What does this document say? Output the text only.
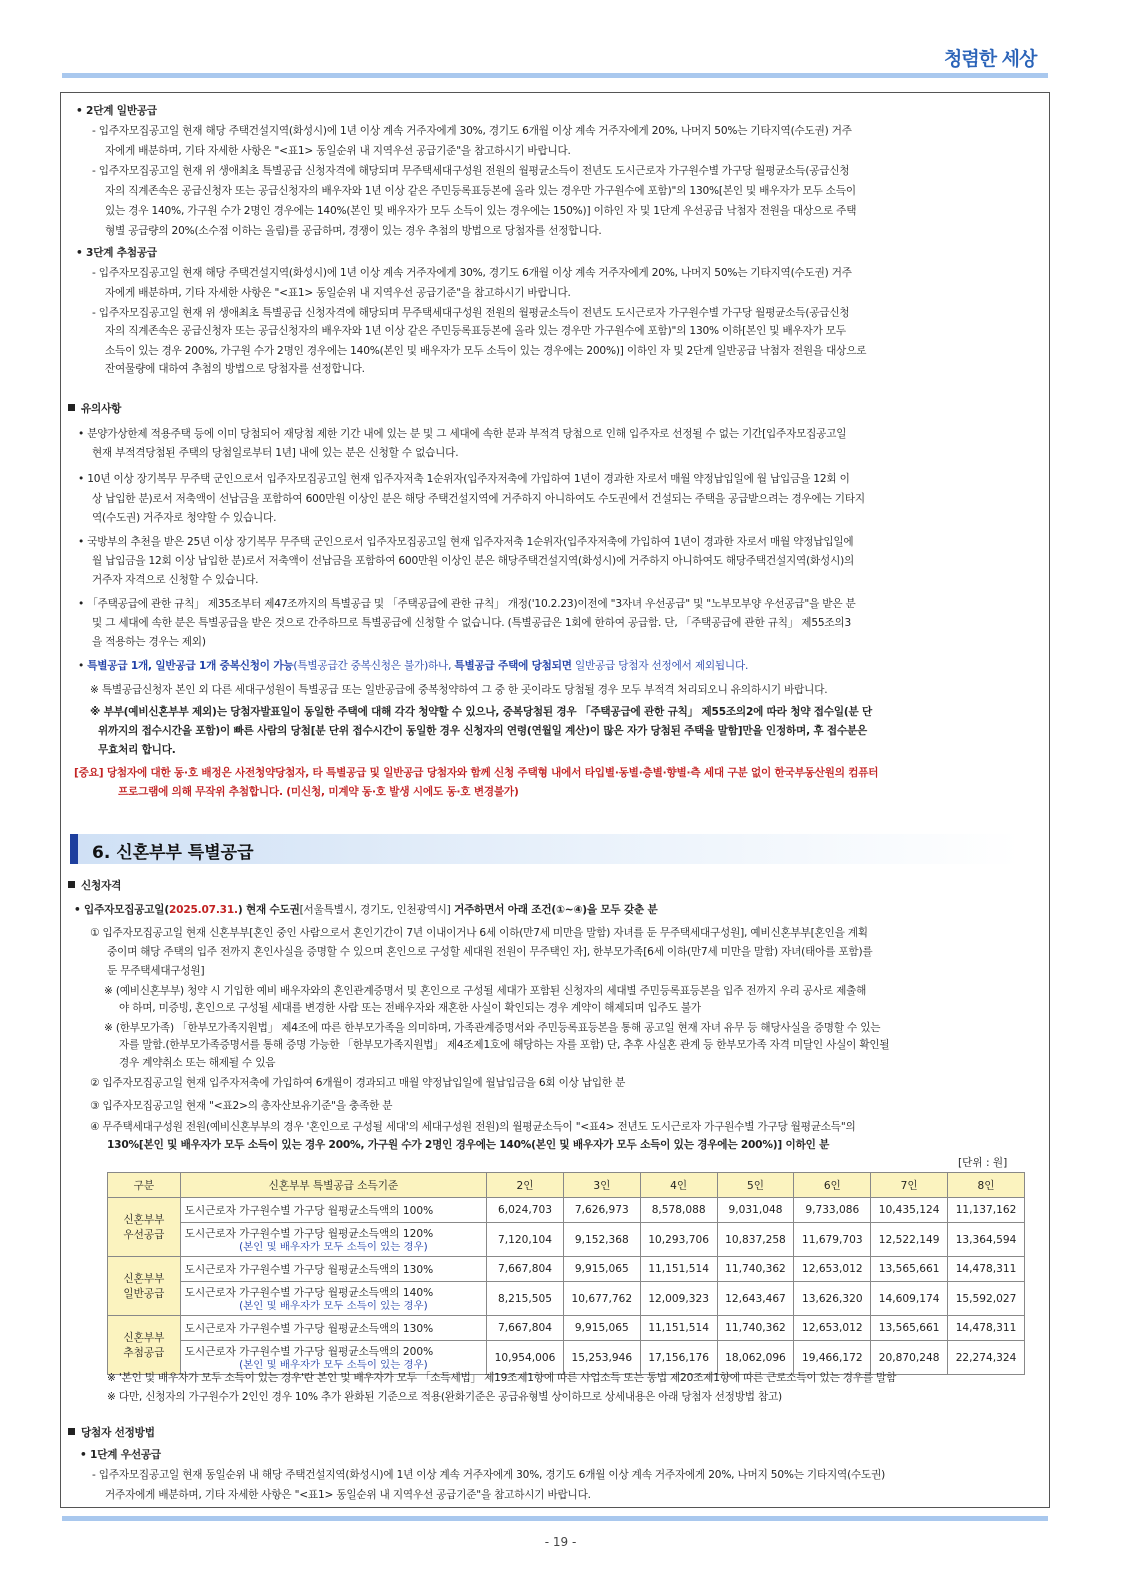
청렴한 세상
• 2단계 일반공급
- 입주자모집공고일 현재 해당 주택건설지역(화성시)에 1년 이상 계속 거주자에게 30%, 경기도 6개월 이상 계속 거주자에게 20%, 나머지 50%는 기타지역(수도권) 거주
자에게 배분하며, 기타 자세한 사항은 "<표1> 동일순위 내 지역우선 공급기준"을 참고하시기 바랍니다.
- 입주자모집공고일 현재 위 생애최초 특별공급 신청자격에 해당되며 무주택세대구성원 전원의 월평균소득이 전년도 도시근로자 가구원수별 가구당 월평균소득(공급신청
자의 직계존속은 공급신청자 또는 공급신청자의 배우자와 1년 이상 같은 주민등록표등본에 올라 있는 경우만 가구원수에 포함)"의 130%[본인 및 배우자가 모두 소득이
있는 경우 140%, 가구원 수가 2명인 경우에는 140%(본인 및 배우자가 모두 소득이 있는 경우에는 150%)] 이하인 자 및 1단계 우선공급 낙첨자 전원을 대상으로 주택
형별 공급량의 20%(소수점 이하는 올림)를 공급하며, 경쟁이 있는 경우 추첨의 방법으로 당첨자를 선정합니다.
• 3단계 추첨공급
- 입주자모집공고일 현재 해당 주택건설지역(화성시)에 1년 이상 계속 거주자에게 30%, 경기도 6개월 이상 계속 거주자에게 20%, 나머지 50%는 기타지역(수도권) 거주
자에게 배분하며, 기타 자세한 사항은 "<표1> 동일순위 내 지역우선 공급기준"을 참고하시기 바랍니다.
- 입주자모집공고일 현재 위 생애최초 특별공급 신청자격에 해당되며 무주택세대구성원 전원의 월평균소득이 전년도 도시근로자 가구원수별 가구당 월평균소득(공급신청
자의 직계존속은 공급신청자 또는 공급신청자의 배우자와 1년 이상 같은 주민등록표등본에 올라 있는 경우만 가구원수에 포함)"의 130% 이하[본인 및 배우자가 모두
소득이 있는 경우 200%, 가구원 수가 2명인 경우에는 140%(본인 및 배우자가 모두 소득이 있는 경우에는 200%)] 이하인 자 및 2단계 일반공급 낙첨자 전원을 대상으로
잔여물량에 대하여 추첨의 방법으로 당첨자를 선정합니다.
유의사항
• 분양가상한제 적용주택 등에 이미 당첨되어 재당첨 제한 기간 내에 있는 분 및 그 세대에 속한 분과 부적격 당첨으로 인해 입주자로 선정될 수 없는 기간[입주자모집공고일
현재 부적격당첨된 주택의 당첨일로부터 1년] 내에 있는 분은 신청할 수 없습니다.
• 10년 이상 장기복무 무주택 군인으로서 입주자모집공고일 현재 입주자저축 1순위자(입주자저축에 가입하여 1년이 경과한 자로서 매월 약정납입일에 월 납입금을 12회 이
상 납입한 분)로서 저축액이 선납금을 포함하여 600만원 이상인 분은 해당 주택건설지역에 거주하지 아니하여도 수도권에서 건설되는 주택을 공급받으려는 경우에는 기타지
역(수도권) 거주자로 청약할 수 있습니다.
• 국방부의 추천을 받은 25년 이상 장기복무 무주택 군인으로서 입주자모집공고일 현재 입주자저축 1순위자(입주자저축에 가입하여 1년이 경과한 자로서 매월 약정납입일에
월 납입금을 12회 이상 납입한 분)로서 저축액이 선납금을 포함하여 600만원 이상인 분은 해당주택건설지역(화성시)에 거주하지 아니하여도 해당주택건설지역(화성시)의
거주자 자격으로 신청할 수 있습니다.
• 「주택공급에 관한 규칙」 제35조부터 제47조까지의 특별공급 및 「주택공급에 관한 규칙」 개정('10.2.23)이전에 "3자녀 우선공급" 및 "노부모부양 우선공급"을 받은 분
및 그 세대에 속한 분은 특별공급을 받은 것으로 간주하므로 특별공급에 신청할 수 없습니다. (특별공급은 1회에 한하여 공급함. 단, 「주택공급에 관한 규칙」 제55조의3
을 적용하는 경우는 제외)
• 특별공급 1개, 일반공급 1개 중복신청이 가능(특별공급간 중복신청은 불가)하나, 특별공급 주택에 당첨되면 일반공급 당첨자 선정에서 제외됩니다.
※ 특별공급신청자 본인 외 다른 세대구성원이 특별공급 또는 일반공급에 중복청약하여 그 중 한 곳이라도 당첨될 경우 모두 부적격 처리되오니 유의하시기 바랍니다.
※ 부부(예비신혼부부 제외)는 당첨자발표일이 동일한 주택에 대해 각각 청약할 수 있으나, 중복당첨된 경우 「주택공급에 관한 규칙」 제55조의2에 따라 청약 접수일(분 단
위까지의 접수시간을 포함)이 빠른 사람의 당첨[분 단위 접수시간이 동일한 경우 신청자의 연령(연월일 계산)이 많은 자가 당첨된 주택을 말함]만을 인정하며, 후 접수분은
무효처리 합니다.
[중요] 당첨자에 대한 동·호 배정은 사전청약당첨자, 타 특별공급 및 일반공급 당첨자와 함께 신청 주택형 내에서 타입별·동별·층별·향별·측 세대 구분 없이 한국부동산원의 컴퓨터
프로그램에 의해 무작위 추첨합니다. (미신청, 미계약 동·호 발생 시에도 동·호 변경불가)
6. 신혼부부 특별공급
신청자격
• 입주자모집공고일(2025.07.31.) 현재 수도권[서울특별시, 경기도, 인천광역시] 거주하면서 아래 조건(①~④)을 모두 갖춘 분
① 입주자모집공고일 현재 신혼부부[혼인 중인 사람으로서 혼인기간이 7년 이내이거나 6세 이하(만7세 미만을 말함) 자녀를 둔 무주택세대구성원], 예비신혼부부[혼인을 계획
중이며 해당 주택의 입주 전까지 혼인사실을 증명할 수 있으며 혼인으로 구성할 세대원 전원이 무주택인 자], 한부모가족[6세 이하(만7세 미만을 말함) 자녀(태아를 포함)를
둔 무주택세대구성원]
※ (예비신혼부부) 청약 시 기입한 예비 배우자와의 혼인관계증명서 및 혼인으로 구성될 세대가 포함된 신청자의 세대별 주민등록표등본을 입주 전까지 우리 공사로 제출해
야 하며, 미증빙, 혼인으로 구성될 세대를 변경한 사람 또는 전배우자와 재혼한 사실이 확인되는 경우 계약이 해제되며 입주도 불가
※ (한부모가족) 「한부모가족지원법」 제4조에 따른 한부모가족을 의미하며, 가족관계증명서와 주민등록표등본을 통해 공고일 현재 자녀 유무 등 해당사실을 증명할 수 있는
자를 말함.(한부모가족증명서를 통해 증명 가능한 「한부모가족지원법」 제4조제1호에 해당하는 자를 포함) 단, 추후 사실혼 관계 등 한부모가족 자격 미달인 사실이 확인될
경우 계약취소 또는 해제될 수 있음
② 입주자모집공고일 현재 입주자저축에 가입하여 6개월이 경과되고 매월 약정납입일에 월납입금을 6회 이상 납입한 분
③ 입주자모집공고일 현재 "<표2>의 총자산보유기준"을 충족한 분
④ 무주택세대구성원 전원(예비신혼부부의 경우 '혼인으로 구성될 세대'의 세대구성원 전원)의 월평균소득이 "<표4> 전년도 도시근로자 가구원수별 가구당 월평균소득"의
130%[본인 및 배우자가 모두 소득이 있는 경우 200%, 가구원 수가 2명인 경우에는 140%(본인 및 배우자가 모두 소득이 있는 경우에는 200%)] 이하인 분
[단위 : 원]
구분	신혼부부 특별공급 소득기준	2인	3인	4인	5인	6인	7인	8인

신혼부부
우선공급	도시근로자 가구원수별 가구당 월평균소득액의 100%	6,024,703	7,626,973	8,578,088	9,031,048	9,733,086	10,435,124	11,137,162

	도시근로자 가구원수별 가구당 월평균소득액의 120%
(본인 및 배우자가 모두 소득이 있는 경우)	7,120,104	9,152,368	10,293,706	10,837,258	11,679,703	12,522,149	13,364,594

신혼부부
일반공급	도시근로자 가구원수별 가구당 월평균소득액의 130%	7,667,804	9,915,065	11,151,514	11,740,362	12,653,012	13,565,661	14,478,311

	도시근로자 가구원수별 가구당 월평균소득액의 140%
(본인 및 배우자가 모두 소득이 있는 경우)	8,215,505	10,677,762	12,009,323	12,643,467	13,626,320	14,609,174	15,592,027

신혼부부
추첨공급	도시근로자 가구원수별 가구당 월평균소득액의 130%	7,667,804	9,915,065	11,151,514	11,740,362	12,653,012	13,565,661	14,478,311

	도시근로자 가구원수별 가구당 월평균소득액의 200%
(본인 및 배우자가 모두 소득이 있는 경우)	10,954,006	15,253,946	17,156,176	18,062,096	19,466,172	20,870,248	22,274,324
※ '본인 및 배우자가 모두 소득이 있는 경우'란 본인 및 배우자가 모두 「소득세법」 제19조제1항에 따른 사업소득 또는 동법 제20조제1항에 따른 근로소득이 있는 경우를 말함
※ 다만, 신청자의 가구원수가 2인인 경우 10% 추가 완화된 기준으로 적용(완화기준은 공급유형별 상이하므로 상세내용은 아래 당첨자 선정방법 참고)
당첨자 선정방법
• 1단계 우선공급
- 입주자모집공고일 현재 동일순위 내 해당 주택건설지역(화성시)에 1년 이상 계속 거주자에게 30%, 경기도 6개월 이상 계속 거주자에게 20%, 나머지 50%는 기타지역(수도권)
거주자에게 배분하며, 기타 자세한 사항은 "<표1> 동일순위 내 지역우선 공급기준"을 참고하시기 바랍니다.
- 19 -
